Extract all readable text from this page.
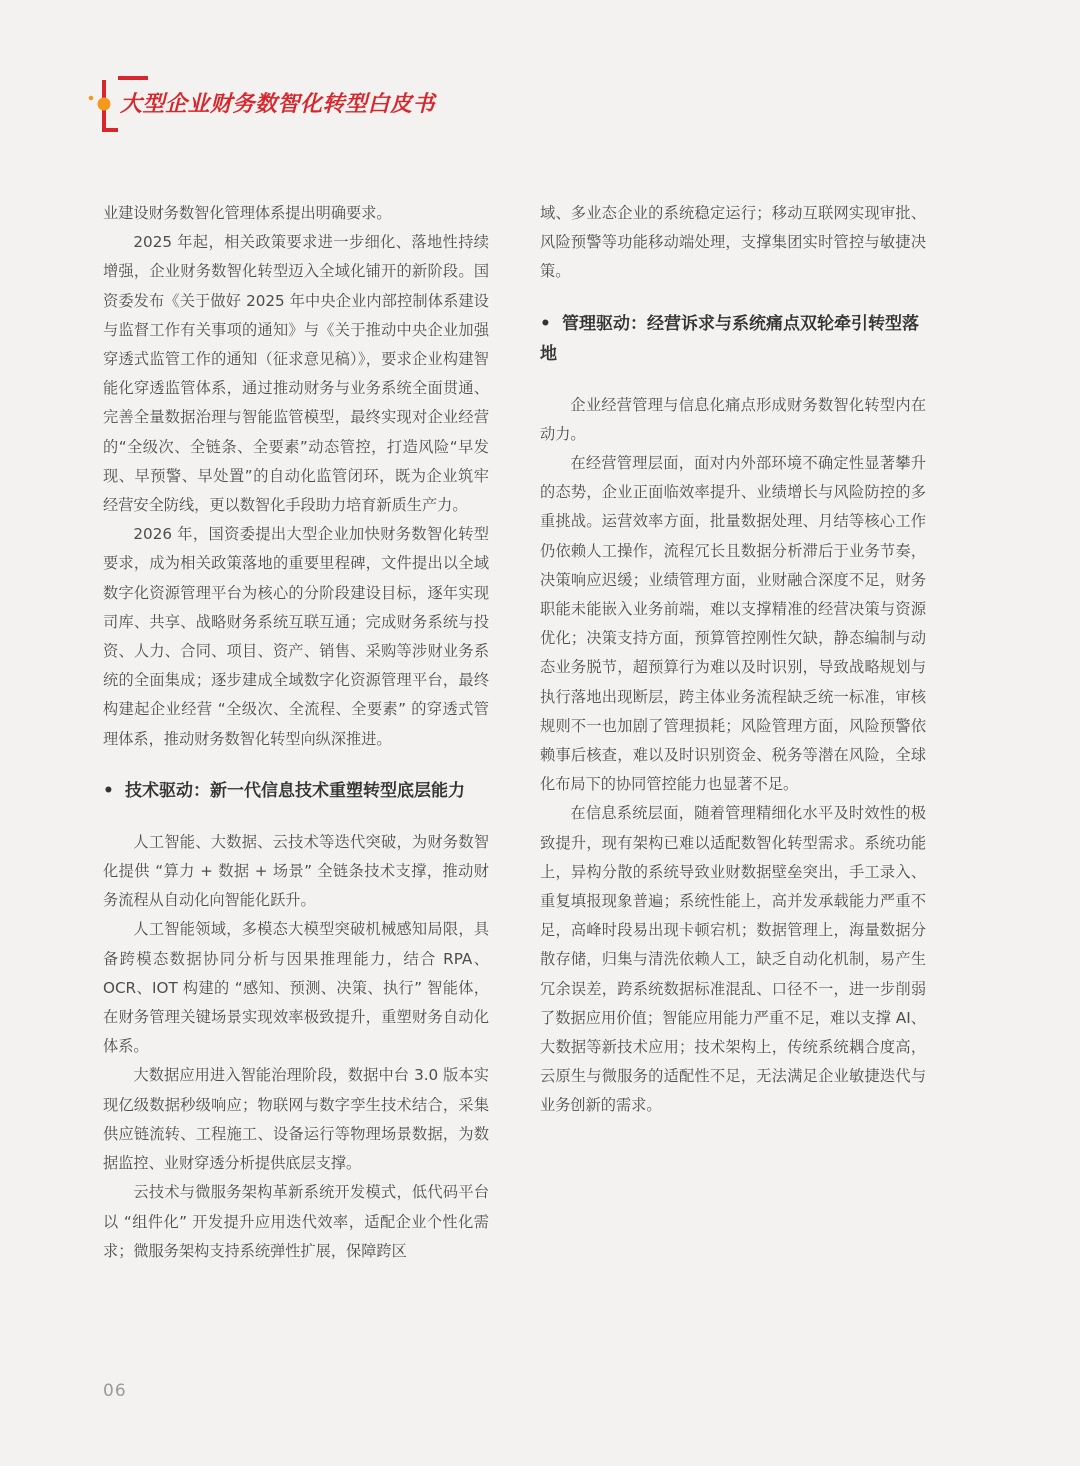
大型企业财务数智化转型白皮书

业建设财务数智化管理体系提出明确要求。

2025 年起，相关政策要求进一步细化、落地性持续增强，企业财务数智化转型迈入全域化铺开的新阶段。国资委发布《关于做好 2025 年中央企业内部控制体系建设与监督工作有关事项的通知》与《关于推动中央企业加强穿透式监管工作的通知（征求意见稿）》，要求企业构建智能化穿透监管体系，通过推动财务与业务系统全面贯通、完善全量数据治理与智能监管模型，最终实现对企业经营的“全级次、全链条、全要素”动态管控，打造风险“早发现、早预警、早处置”的自动化监管闭环，既为企业筑牢经营安全防线，更以数智化手段助力培育新质生产力。

2026 年，国资委提出大型企业加快财务数智化转型要求，成为相关政策落地的重要里程碑，文件提出以全域数字化资源管理平台为核心的分阶段建设目标，逐年实现司库、共享、战略财务系统互联互通；完成财务系统与投资、人力、合同、项目、资产、销售、采购等涉财业务系统的全面集成；逐步建成全域数字化资源管理平台，最终构建起企业经营 “全级次、全流程、全要素” 的穿透式管理体系，推动财务数智化转型向纵深推进。

• 技术驱动：新一代信息技术重塑转型底层能力

人工智能、大数据、云技术等迭代突破，为财务数智化提供 “算力 + 数据 + 场景” 全链条技术支撑，推动财务流程从自动化向智能化跃升。

人工智能领域，多模态大模型突破机械感知局限，具备跨模态数据协同分析与因果推理能力，结合 RPA、OCR、IOT 构建的 “感知、预测、决策、执行” 智能体，在财务管理关键场景实现效率极致提升，重塑财务自动化体系。

大数据应用进入智能治理阶段，数据中台 3.0 版本实现亿级数据秒级响应；物联网与数字孪生技术结合，采集供应链流转、工程施工、设备运行等物理场景数据，为数据监控、业财穿透分析提供底层支撑。

云技术与微服务架构革新系统开发模式，低代码平台以 “组件化” 开发提升应用迭代效率，适配企业个性化需求；微服务架构支持系统弹性扩展，保障跨区

域、多业态企业的系统稳定运行；移动互联网实现审批、风险预警等功能移动端处理，支撑集团实时管控与敏捷决策。

• 管理驱动：经营诉求与系统痛点双轮牵引转型落地

企业经营管理与信息化痛点形成财务数智化转型内在动力。

在经营管理层面，面对内外部环境不确定性显著攀升的态势，企业正面临效率提升、业绩增长与风险防控的多重挑战。运营效率方面，批量数据处理、月结等核心工作仍依赖人工操作，流程冗长且数据分析滞后于业务节奏，决策响应迟缓；业绩管理方面，业财融合深度不足，财务职能未能嵌入业务前端，难以支撑精准的经营决策与资源优化；决策支持方面，预算管控刚性欠缺，静态编制与动态业务脱节，超预算行为难以及时识别，导致战略规划与执行落地出现断层，跨主体业务流程缺乏统一标准，审核规则不一也加剧了管理损耗；风险管理方面，风险预警依赖事后核查，难以及时识别资金、税务等潜在风险，全球化布局下的协同管控能力也显著不足。

在信息系统层面，随着管理精细化水平及时效性的极致提升，现有架构已难以适配数智化转型需求。系统功能上，异构分散的系统导致业财数据壁垒突出，手工录入、重复填报现象普遍；系统性能上，高并发承载能力严重不足，高峰时段易出现卡顿宕机；数据管理上，海量数据分散存储，归集与清洗依赖人工，缺乏自动化机制，易产生冗余误差，跨系统数据标准混乱、口径不一，进一步削弱了数据应用价值；智能应用能力严重不足，难以支撑 AI、大数据等新技术应用；技术架构上，传统系统耦合度高，云原生与微服务的适配性不足，无法满足企业敏捷迭代与业务创新的需求。

06
